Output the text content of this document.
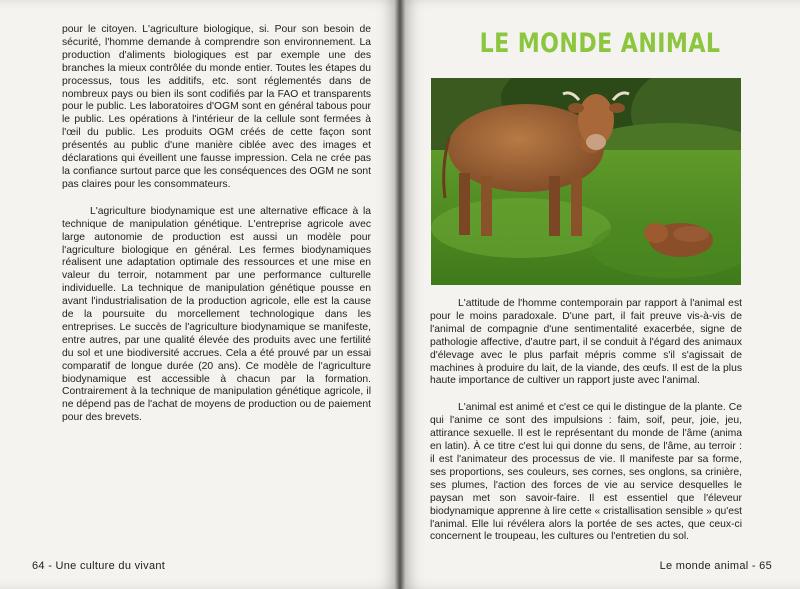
pour le citoyen. L'agriculture biologique, si. Pour son besoin de sécurité, l'homme demande à comprendre son environnement. La production d'aliments biologiques est par exemple une des branches la mieux contrôlée du monde entier. Toutes les étapes du processus, tous les additifs, etc. sont réglementés dans de nombreux pays ou bien ils sont codifiés par la FAO et transparents pour le public. Les laboratoires d'OGM sont en général tabous pour le public. Les opérations à l'intérieur de la cellule sont fermées à l'œil du public. Les produits OGM créés de cette façon sont présentés au public d'une manière ciblée avec des images et déclarations qui éveillent une fausse impression. Cela ne crée pas la confiance surtout parce que les conséquences des OGM ne sont pas claires pour les consommateurs.

L'agriculture biodynamique est une alternative efficace à la technique de manipulation génétique. L'entreprise agricole avec large autonomie de production est aussi un modèle pour l'agriculture biologique en général. Les fermes biodynamiques réalisent une adaptation optimale des ressources et une mise en valeur du terroir, notamment par une performance culturelle individuelle. La technique de manipulation génétique pousse en avant l'industrialisation de la production agricole, elle est la cause de la poursuite du morcellement technologique dans les entreprises. Le succès de l'agriculture biodynamique se manifeste, entre autres, par une qualité élevée des produits avec une fertilité du sol et une biodiversité accrues. Cela a été prouvé par un essai comparatif de longue durée (20 ans). Ce modèle de l'agriculture biodynamique est accessible à chacun par la formation. Contrairement à la technique de manipulation génétique agricole, il ne dépend pas de l'achat de moyens de production ou de paiement pour des brevets.

LE MONDE ANIMAL

L'attitude de l'homme contemporain par rapport à l'animal est pour le moins paradoxale. D'une part, il fait preuve vis-à-vis de l'animal de compagnie d'une sentimentalité exacerbée, signe de pathologie affective, d'autre part, il se conduit à l'égard des animaux d'élevage avec le plus parfait mépris comme s'il s'agissait de machines à produire du lait, de la viande, des œufs. Il est de la plus haute importance de cultiver un rapport juste avec l'animal.

L'animal est animé et c'est ce qui le distingue de la plante. Ce qui l'anime ce sont des impulsions : faim, soif, peur, joie, jeu, attirance sexuelle. Il est le représentant du monde de l'âme (anima en latin). À ce titre c'est lui qui donne du sens, de l'âme, au terroir : il est l'animateur des processus de vie. Il manifeste par sa forme, ses proportions, ses couleurs, ses cornes, ses onglons, sa crinière, ses plumes, l'action des forces de vie au service desquelles le paysan met son savoir-faire. Il est essentiel que l'éleveur biodynamique apprenne à lire cette « cristallisation sensible » qu'est l'animal. Elle lui révélera alors la portée de ses actes, que ceux-ci concernent le troupeau, les cultures ou l'entretien du sol.

64 - Une culture du vivant	Le monde animal - 65
